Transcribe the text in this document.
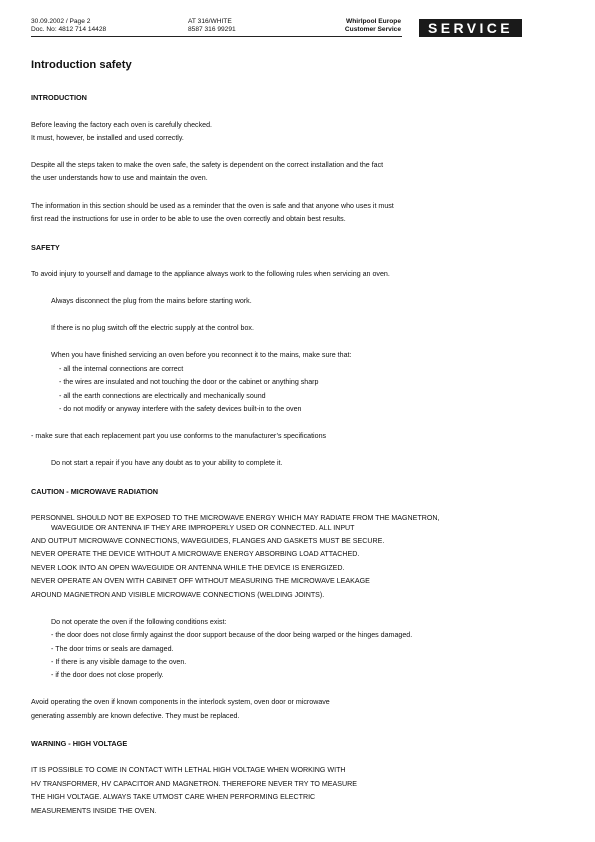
30.09.2002 / Page 2
Doc. No: 4812 714 14428
AT 316/WHITE
8587 316 99291
Whirlpool Europe
Customer Service	SERVICE
Introduction safety
INTRODUCTION
Before leaving the factory each oven is carefully checked.
It must, however, be installed and used correctly.
Despite all the steps taken to make the oven safe, the safety is dependent on the correct installation and the fact
the user understands how to use and maintain the oven.
The information in this section should be used as a reminder that the oven is safe and that anyone who uses it must
first read the instructions for use in order to be able to use the oven correctly and obtain best results.
SAFETY
To avoid injury to yourself and damage to the appliance always work to the following rules when servicing an oven.
Always disconnect the plug from the mains before starting work.
If there is no plug switch off the electric supply at the control box.
When you have finished servicing an oven before you reconnect it to the mains, make sure that:
- all the internal connections are correct
- the wires are insulated and not touching the door or the cabinet or anything sharp
- all the earth connections are electrically and mechanically sound
- do not modify or anyway interfere with the safety devices built-in to the oven
- make sure that each replacement part you use conforms to the manufacturer’s specifications
Do not start a repair if you have any doubt as to your ability to complete it.
CAUTION - MICROWAVE RADIATION
PERSONNEL SHOULD NOT BE EXPOSED TO THE MICROWAVE ENERGY WHICH MAY RADIATE FROM THE MAGNETRON,
WAVEGUIDE OR ANTENNA IF THEY ARE IMPROPERLY USED OR CONNECTED. ALL INPUT
AND OUTPUT MICROWAVE CONNECTIONS, WAVEGUIDES, FLANGES AND GASKETS MUST BE SECURE.
NEVER OPERATE THE DEVICE WITHOUT A MICROWAVE ENERGY ABSORBING LOAD ATTACHED.
NEVER LOOK INTO AN OPEN WAVEGUIDE OR ANTENNA WHILE THE DEVICE IS ENERGIZED.
NEVER OPERATE AN OVEN WITH CABINET OFF WITHOUT MEASURING THE MICROWAVE LEAKAGE
AROUND MAGNETRON AND VISIBLE MICROWAVE CONNECTIONS (WELDING JOINTS).
Do not operate the oven if the following conditions exist:
- the door does not close firmly against the door support because of the door being warped or the hinges damaged.
- The door trims or seals are damaged.
- If there is any visible damage to the oven.
- if the door does not close properly.
Avoid operating the oven if known components in the interlock system, oven door or microwave
generating assembly are known defective. They must be replaced.
WARNING - HIGH VOLTAGE
IT IS POSSIBLE TO COME IN CONTACT WITH LETHAL HIGH VOLTAGE WHEN WORKING WITH
HV TRANSFORMER, HV CAPACITOR AND MAGNETRON. THEREFORE NEVER TRY TO MEASURE
THE HIGH VOLTAGE. ALWAYS TAKE UTMOST CARE WHEN PERFORMING ELECTRIC
MEASUREMENTS INSIDE THE OVEN.
